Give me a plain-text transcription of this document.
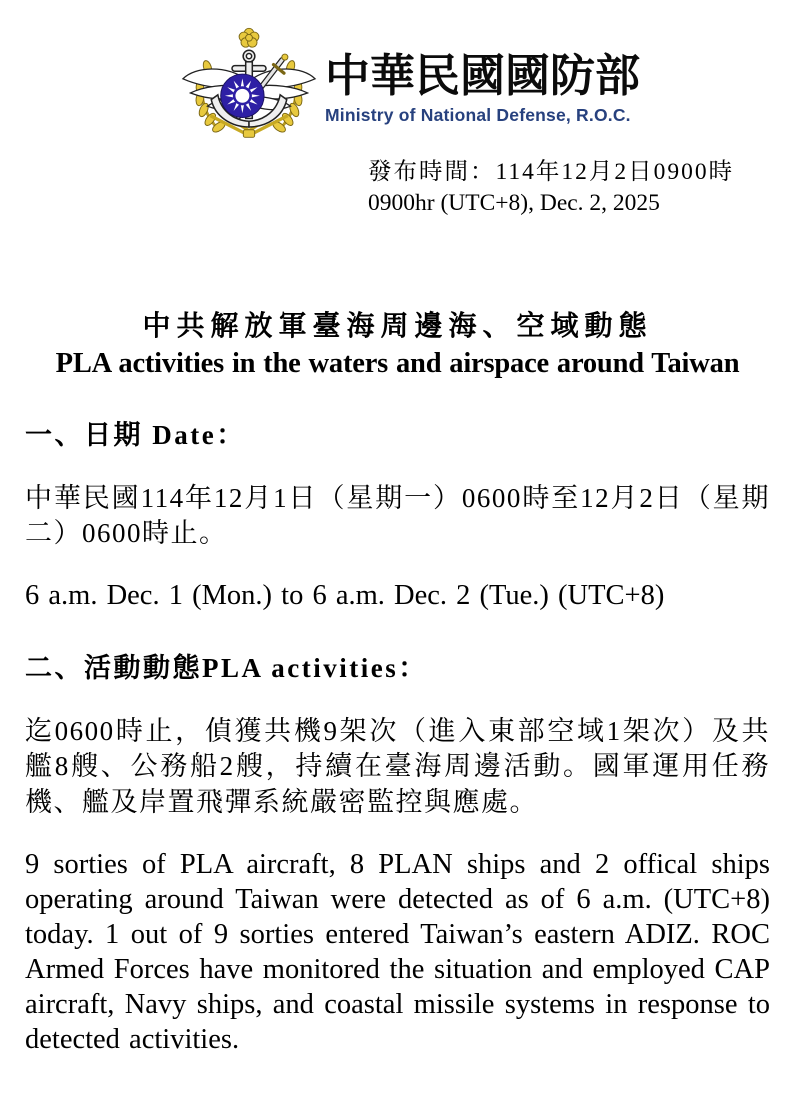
中華民國國防部
Ministry of National Defense, R.O.C.
發布時間：114年12月2日0900時
0900hr (UTC+8), Dec. 2, 2025
中共解放軍臺海周邊海、空域動態
PLA activities in the waters and airspace around Taiwan
一、日期 Date：

中華民國114年12月1日（星期一）0600時至12月2日（星期二）0600時止。

6 a.m. Dec. 1 (Mon.) to 6 a.m. Dec. 2 (Tue.) (UTC+8)

二、活動動態PLA activities：

迄0600時止，偵獲共機9架次（進入東部空域1架次）及共艦8艘、公務船2艘，持續在臺海周邊活動。國軍運用任務機、艦及岸置飛彈系統嚴密監控與應處。

9 sorties of PLA aircraft, 8 PLAN ships and 2 offical ships operating around Taiwan were detected as of 6 a.m. (UTC+8) today. 1 out of 9 sorties entered Taiwan’s eastern ADIZ. ROC Armed Forces have monitored the situation and employed CAP aircraft, Navy ships, and coastal missile systems in response to detected activities.
